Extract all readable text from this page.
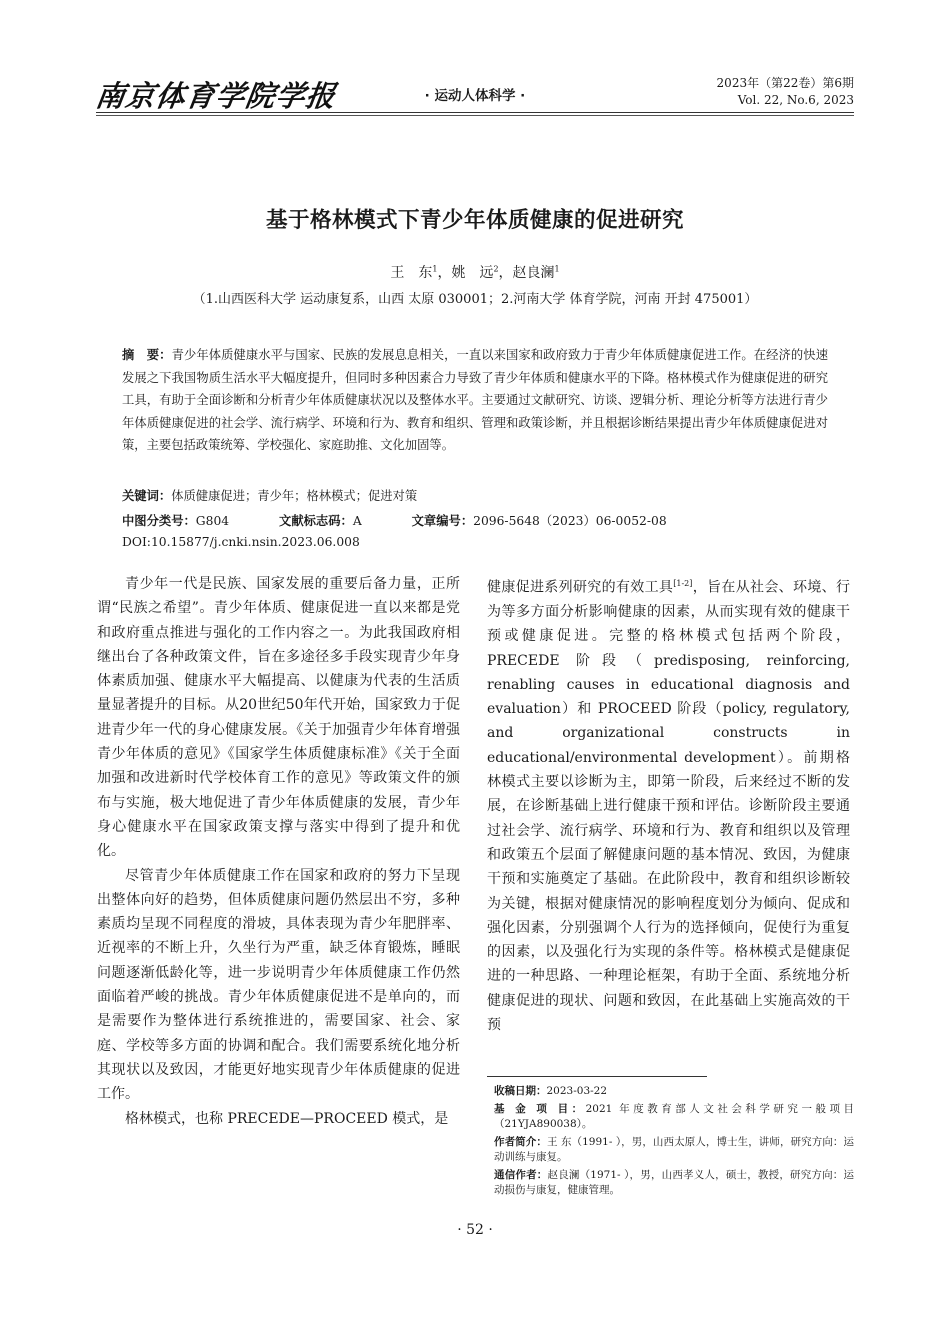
南京体育学院学报	· 运动人体科学 ·
2023年（第22卷）第6期
Vol. 22, No.6, 2023
基于格林模式下青少年体质健康的促进研究
王　东$^1$，姚　远$^2$，赵良澜$^1$
（1.山西医科大学 运动康复系，山西 太原 030001；2.河南大学 体育学院，河南 开封 475001）
摘　要：青少年体质健康水平与国家、民族的发展息息相关，一直以来国家和政府致力于青少年体质健康促进工作。在经济的快速发展之下我国物质生活水平大幅度提升，但同时多种因素合力导致了青少年体质和健康水平的下降。格林模式作为健康促进的研究工具，有助于全面诊断和分析青少年体质健康状况以及整体水平。主要通过文献研究、访谈、逻辑分析、理论分析等方法进行青少年体质健康促进的社会学、流行病学、环境和行为、教育和组织、管理和政策诊断，并且根据诊断结果提出青少年体质健康促进对策，主要包括政策统筹、学校强化、家庭助推、文化加固等。
关键词：体质健康促进；青少年；格林模式；促进对策
中图分类号：G804	文献标志码：A	文章编号：2096-5648（2023）06-0052-08
DOI:10.15877/j.cnki.nsin.2023.06.008

青少年一代是民族、国家发展的重要后备力量，正所谓“民族之希望”。青少年体质、健康促进一直以来都是党和政府重点推进与强化的工作内容之一。为此我国政府相继出台了各种政策文件，旨在多途径多手段实现青少年身体素质加强、健康水平大幅提高、以健康为代表的生活质量显著提升的目标。从20世纪50年代开始，国家致力于促进青少年一代的身心健康发展。《关于加强青少年体育增强青少年体质的意见》《国家学生体质健康标准》《关于全面加强和改进新时代学校体育工作的意见》等政策文件的颁布与实施，极大地促进了青少年体质健康的发展，青少年身心健康水平在国家政策支撑与落实中得到了提升和优化。

尽管青少年体质健康工作在国家和政府的努力下呈现出整体向好的趋势，但体质健康问题仍然层出不穷，多种素质均呈现不同程度的滑坡，具体表现为青少年肥胖率、近视率的不断上升，久坐行为严重，缺乏体育锻炼，睡眠问题逐渐低龄化等，进一步说明青少年体质健康工作仍然面临着严峻的挑战。青少年体质健康促进不是单向的，而是需要作为整体进行系统推进的，需要国家、社会、家庭、学校等多方面的协调和配合。我们需要系统化地分析其现状以及致因，才能更好地实现青少年体质健康的促进工作。

格林模式，也称 PRECEDE—PROCEED 模式，是

健康促进系列研究的有效工具[1-2]，旨在从社会、环境、行为等多方面分析影响健康的因素，从而实现有效的健康干预或健康促进。完整的格林模式包括两个阶段，PRECEDE 阶段（predisposing, reinforcing, renabling causes in educational diagnosis and evaluation）和 PROCEED 阶段（policy, regulatory, and organizational constructs in educational/environmental development）。前期格林模式主要以诊断为主，即第一阶段，后来经过不断的发展，在诊断基础上进行健康干预和评估。诊断阶段主要通过社会学、流行病学、环境和行为、教育和组织以及管理和政策五个层面了解健康问题的基本情况、致因，为健康干预和实施奠定了基础。在此阶段中，教育和组织诊断较为关键，根据对健康情况的影响程度划分为倾向、促成和强化因素，分别强调个人行为的选择倾向，促使行为重复的因素，以及强化行为实现的条件等。格林模式是健康促进的一种思路、一种理论框架，有助于全面、系统地分析健康促进的现状、问题和致因，在此基础上实施高效的干预

收稿日期：2023-03-22
基 金 项 目：2021 年度教育部人文社会科学研究一般项目（21YJA890038）。
作者简介：王 东（1991- ），男，山西太原人，博士生，讲师，研究方向：运动训练与康复。
通信作者：赵良澜（1971- ），男，山西孝义人，硕士，教授，研究方向：运动损伤与康复，健康管理。
· 52 ·
